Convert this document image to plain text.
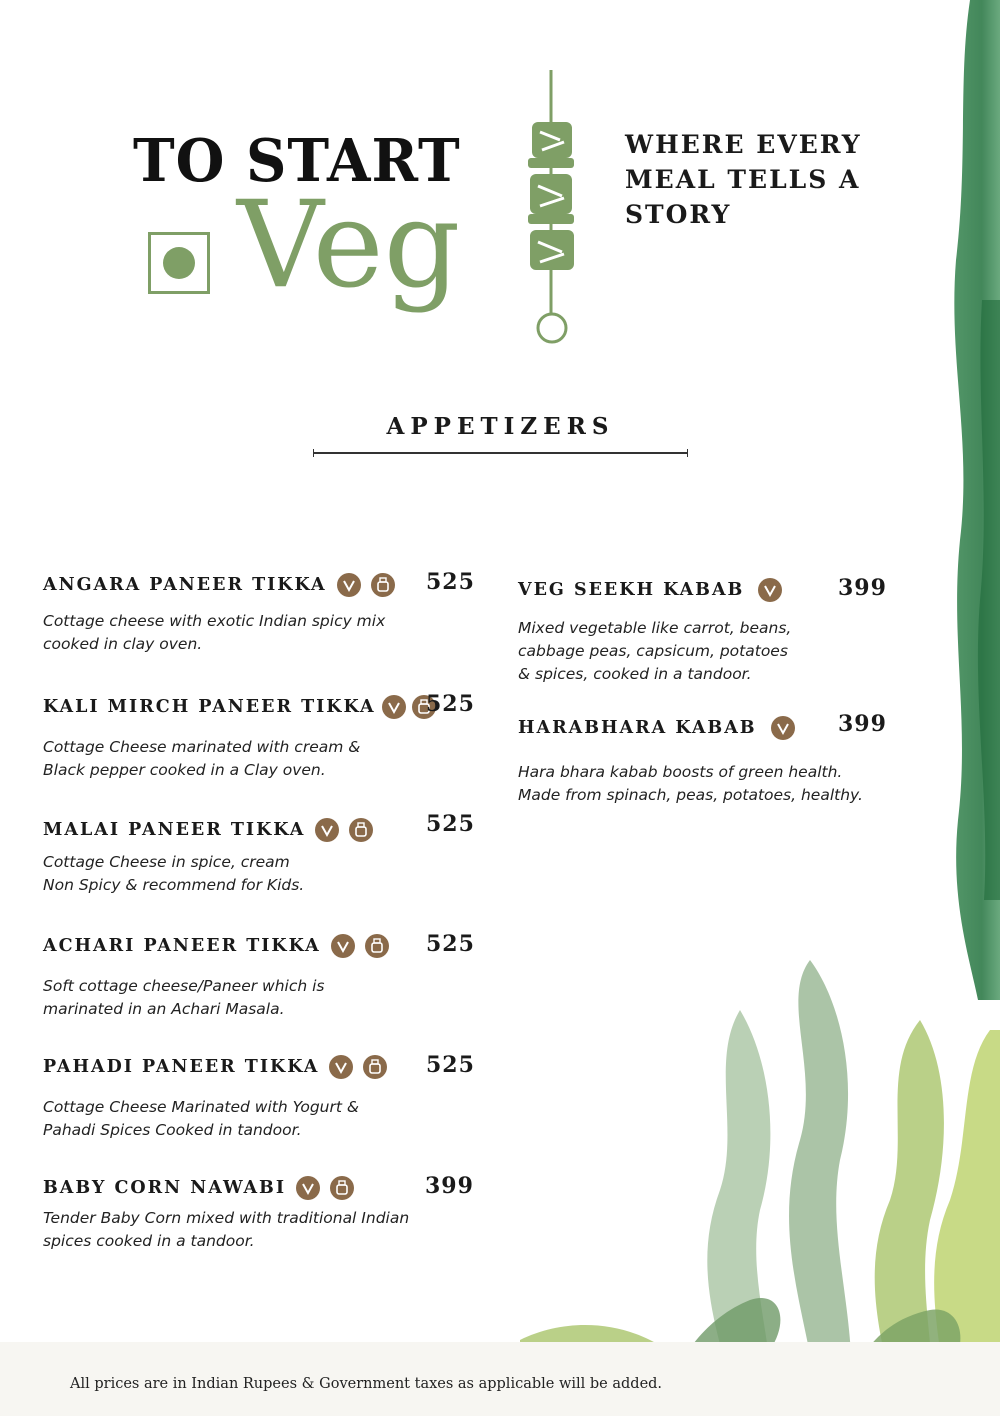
TO START
Veg
WHERE EVERY
MEAL TELLS A
STORY
APPETIZERS
ANGARA PANEER TIKKA	525
Cottage cheese with exotic Indian spicy mix
cooked in clay oven.
KALI MIRCH PANEER TIKKA 525
Cottage Cheese marinated with cream &
Black pepper cooked in a Clay oven.
MALAI PANEER TIKKA	525
Cottage Cheese in spice, cream
Non Spicy & recommend for Kids.
ACHARI PANEER TIKKA	525
Soft cottage cheese/Paneer which is
marinated in an Achari Masala.
PAHADI PANEER TIKKA	525
Cottage Cheese Marinated with Yogurt &
Pahadi Spices Cooked in tandoor.
BABY CORN NAWABI	399
Tender Baby Corn mixed with traditional Indian
spices cooked in a tandoor.
VEG SEEKH KABAB	399
Mixed vegetable like carrot, beans,
cabbage peas, capsicum, potatoes
& spices, cooked in a tandoor.
HARABHARA KABAB	399
Hara bhara kabab boosts of green health.
Made from spinach, peas, potatoes, healthy.
All prices are in Indian Rupees & Government taxes as applicable will be added.
